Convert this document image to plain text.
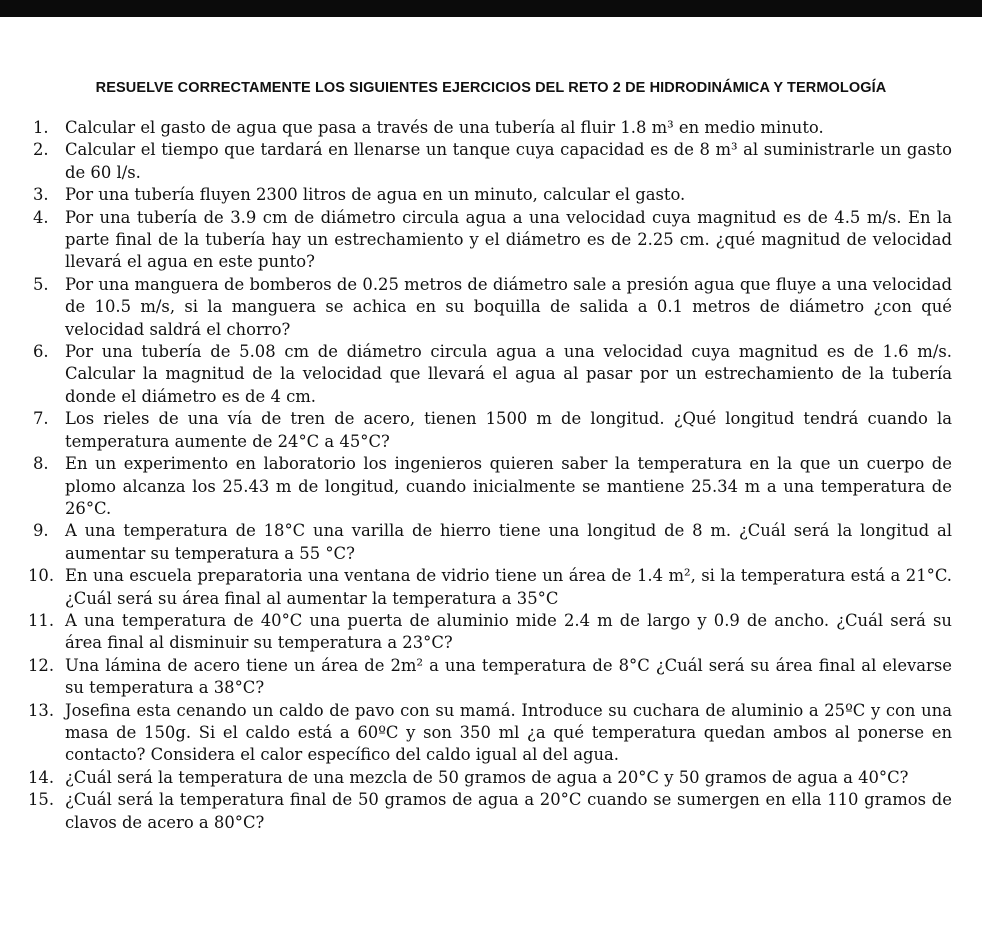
RESUELVE CORRECTAMENTE LOS SIGUIENTES EJERCICIOS DEL RETO 2 DE HIDRODINÁMICA Y TERMOLOGÍA
1. Calcular el gasto de agua que pasa a través de una tubería al fluir 1.8 m³ en medio minuto.
2. Calcular el tiempo que tardará en llenarse un tanque cuya capacidad es de 8 m³ al suministrarle un gasto de 60 l/s.
3. Por una tubería fluyen 2300 litros de agua en un minuto, calcular el gasto.
4. Por una tubería de 3.9 cm de diámetro circula agua a una velocidad cuya magnitud es de 4.5 m/s. En la parte final de la tubería hay un estrechamiento y el diámetro es de 2.25 cm. ¿qué magnitud de velocidad llevará el agua en este punto?
5. Por una manguera de bomberos de 0.25 metros de diámetro sale a presión agua que fluye a una velocidad de 10.5 m/s, si la manguera se achica en su boquilla de salida a 0.1 metros de diámetro ¿con qué velocidad saldrá el chorro?
6. Por una tubería de 5.08 cm de diámetro circula agua a una velocidad cuya magnitud es de 1.6 m/s. Calcular la magnitud de la velocidad que llevará el agua al pasar por un estrechamiento de la tubería donde el diámetro es de 4 cm.
7. Los rieles de una vía de tren de acero, tienen 1500 m de longitud. ¿Qué longitud tendrá cuando la temperatura aumente de 24°C a 45°C?
8. En un experimento en laboratorio los ingenieros quieren saber la temperatura en la que un cuerpo de plomo alcanza los 25.43 m de longitud, cuando inicialmente se mantiene 25.34 m a una temperatura de 26°C.
9. A una temperatura de 18°C una varilla de hierro tiene una longitud de 8 m. ¿Cuál será la longitud al aumentar su temperatura a 55 °C?
10. En una escuela preparatoria una ventana de vidrio tiene un área de 1.4 m², si la temperatura está a 21°C. ¿Cuál será su área final al aumentar la temperatura a 35°C
11. A una temperatura de 40°C una puerta de aluminio mide 2.4 m de largo y 0.9 de ancho. ¿Cuál será su área final al disminuir su temperatura a 23°C?
12. Una lámina de acero tiene un área de 2m² a una temperatura de 8°C ¿Cuál será su área final al elevarse su temperatura a 38°C?
13. Josefina esta cenando un caldo de pavo con su mamá. Introduce su cuchara de aluminio a 25ºC y con una masa de 150g. Si el caldo está a 60ºC y son 350 ml ¿a qué temperatura quedan ambos al ponerse en contacto? Considera el calor específico del caldo igual al del agua.
14. ¿Cuál será la temperatura de una mezcla de 50 gramos de agua a 20°C y 50 gramos de agua a 40°C?
15. ¿Cuál será la temperatura final de 50 gramos de agua a 20°C cuando se sumergen en ella 110 gramos de clavos de acero a 80°C?
